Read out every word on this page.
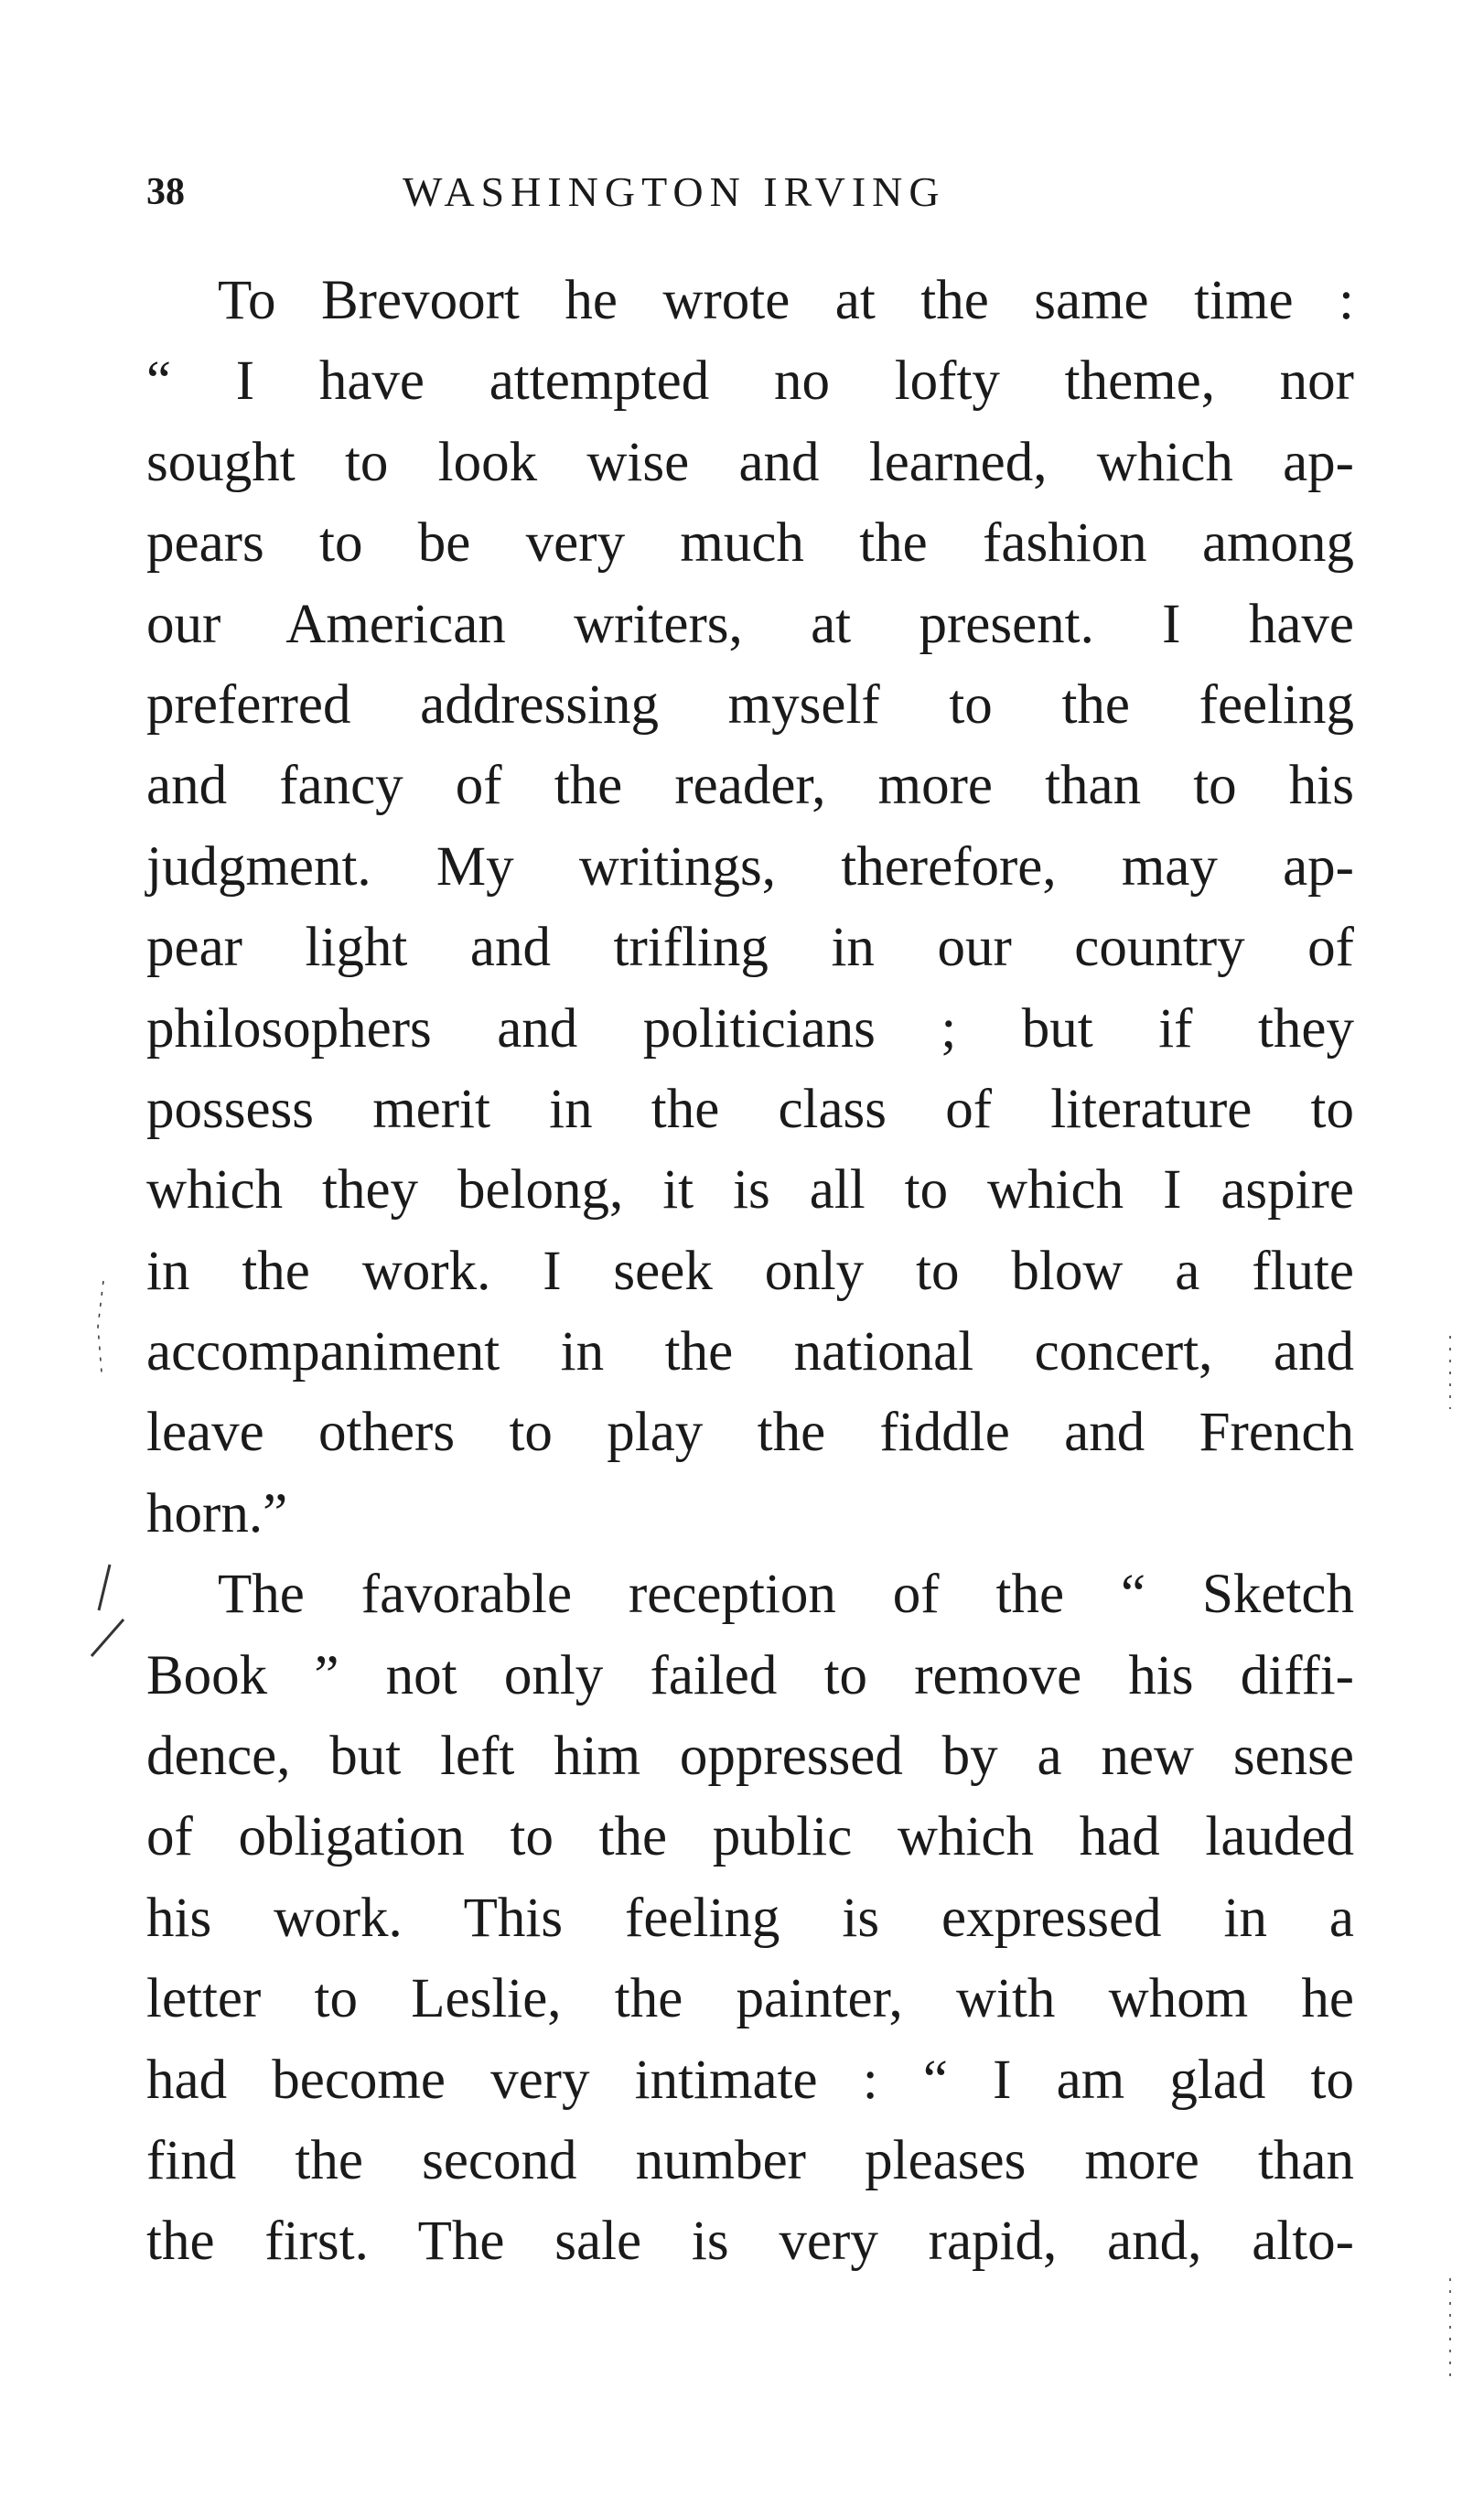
38	WASHINGTON IRVING
To Brevoort he wrote at the same time :
“ I have attempted no lofty theme, nor
sought to look wise and learned, which ap-
pears to be very much the fashion among
our American writers, at present. I have
preferred addressing myself to the feeling
and fancy of the reader, more than to his
judgment. My writings, therefore, may ap-
pear light and trifling in our country of
philosophers and politicians ; but if they
possess merit in the class of literature to
which they belong, it is all to which I aspire
in the work. I seek only to blow a flute
accompaniment in the national concert, and
leave others to play the fiddle and French
horn.”
The favorable reception of the “ Sketch
Book ” not only failed to remove his diffi-
dence, but left him oppressed by a new sense
of obligation to the public which had lauded
his work. This feeling is expressed in a
letter to Leslie, the painter, with whom he
had become very intimate : “ I am glad to
find the second number pleases more than
the first. The sale is very rapid, and, alto-
